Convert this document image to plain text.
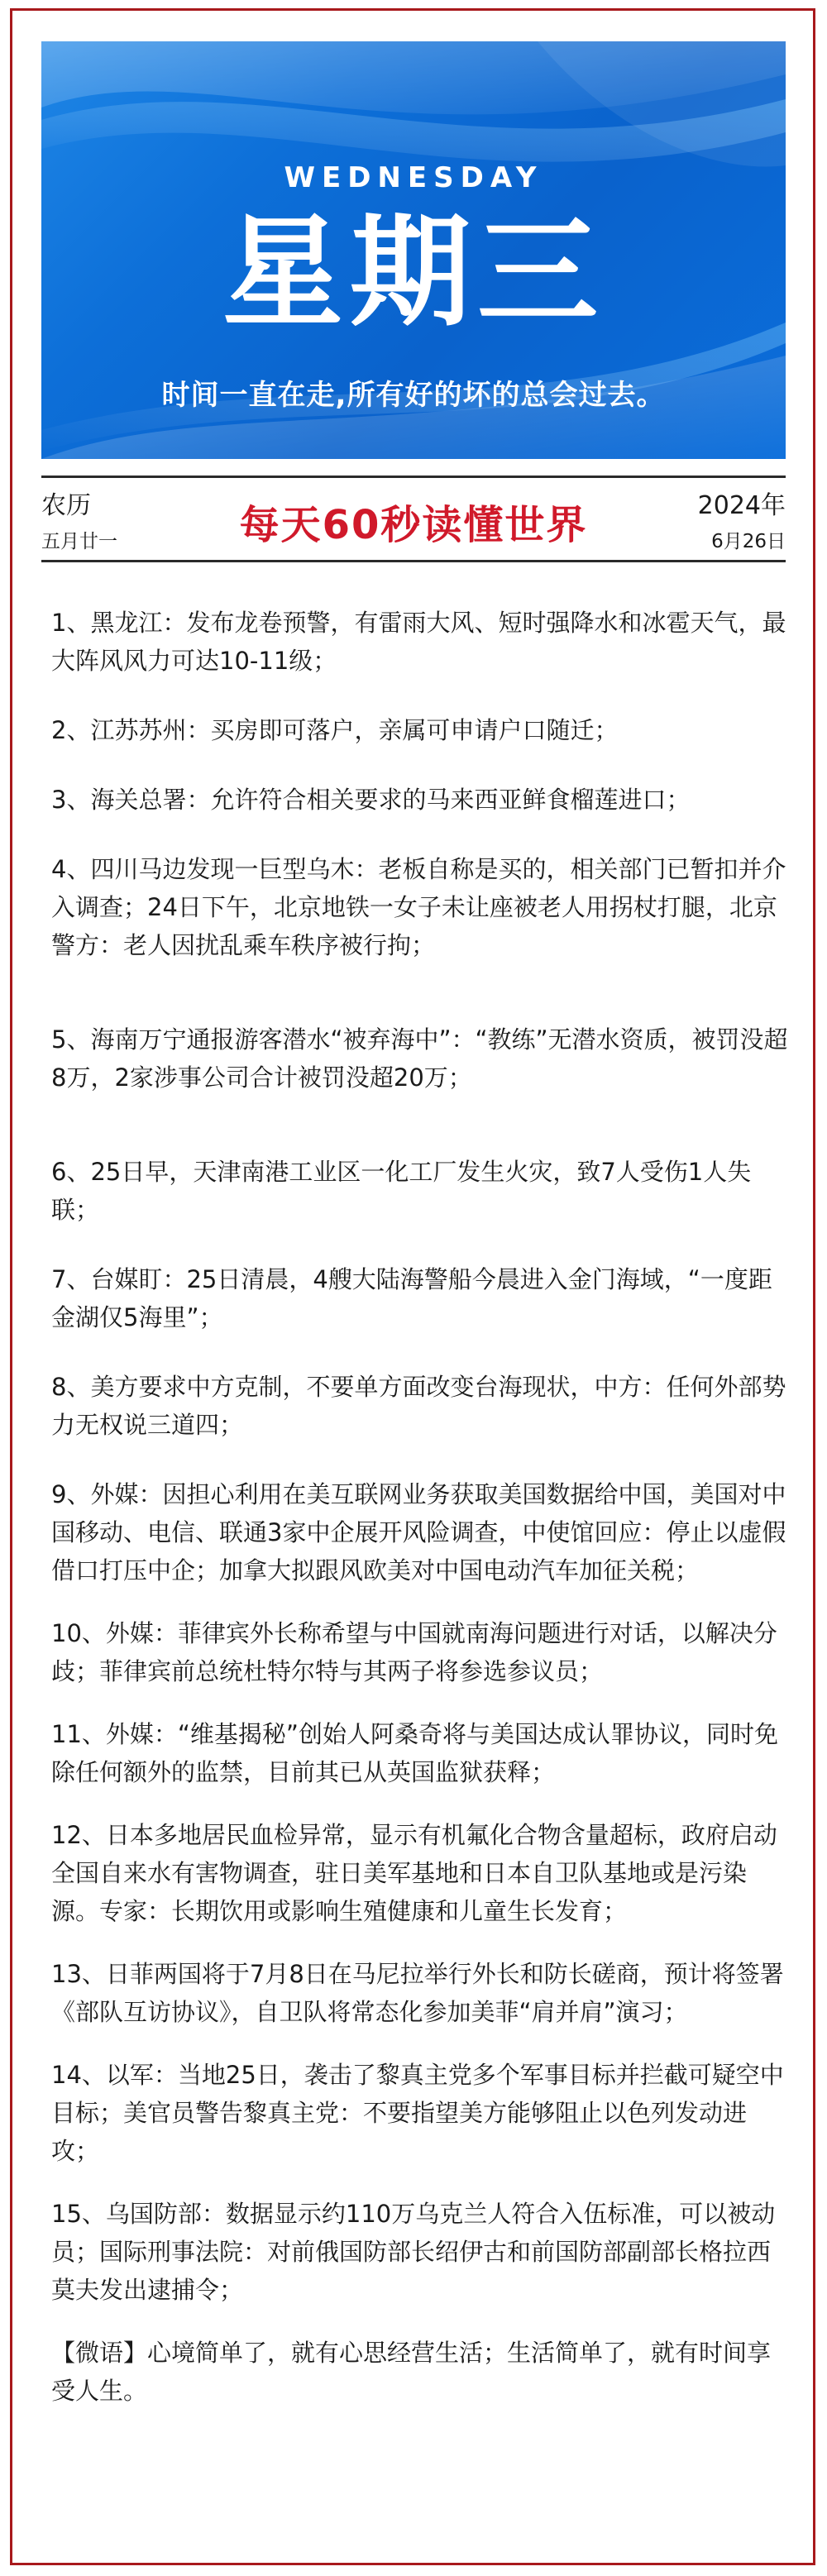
WEDNESDAY
星期三
时间一直在走,所有好的坏的总会过去。
农历
五月廿一	每天60秒读懂世界	2024年
6月26日

1、黑龙江：发布龙卷预警，有雷雨大风、短时强降水和冰雹天气，最大阵风风力可达10-11级；

2、江苏苏州：买房即可落户，亲属可申请户口随迁；

3、海关总署：允许符合相关要求的马来西亚鲜食榴莲进口；

4、四川马边发现一巨型乌木：老板自称是买的，相关部门已暂扣并介入调查；24日下午，北京地铁一女子未让座被老人用拐杖打腿，北京警方：老人因扰乱乘车秩序被行拘；

5、海南万宁通报游客潜水“被弃海中”：“教练”无潜水资质，被罚没超8万，2家涉事公司合计被罚没超20万；

6、25日早，天津南港工业区一化工厂发生火灾，致7人受伤1人失联；

7、台媒盯：25日清晨，4艘大陆海警船今晨进入金门海域，“一度距金湖仅5海里”；

8、美方要求中方克制，不要单方面改变台海现状，中方：任何外部势力无权说三道四；

9、外媒：因担心利用在美互联网业务获取美国数据给中国，美国对中国移动、电信、联通3家中企展开风险调查，中使馆回应：停止以虚假借口打压中企；加拿大拟跟风欧美对中国电动汽车加征关税；

10、外媒：菲律宾外长称希望与中国就南海问题进行对话，以解决分歧；菲律宾前总统杜特尔特与其两子将参选参议员；

11、外媒：“维基揭秘”创始人阿桑奇将与美国达成认罪协议，同时免除任何额外的监禁，目前其已从英国监狱获释；

12、日本多地居民血检异常，显示有机氟化合物含量超标，政府启动全国自来水有害物调查，驻日美军基地和日本自卫队基地或是污染源。专家：长期饮用或影响生殖健康和儿童生长发育；

13、日菲两国将于7月8日在马尼拉举行外长和防长磋商，预计将签署《部队互访协议》，自卫队将常态化参加美菲“肩并肩”演习；

14、以军：当地25日，袭击了黎真主党多个军事目标并拦截可疑空中目标；美官员警告黎真主党：不要指望美方能够阻止以色列发动进攻；

15、乌国防部：数据显示约110万乌克兰人符合入伍标准，可以被动员；国际刑事法院：对前俄国防部长绍伊古和前国防部副部长格拉西莫夫发出逮捕令；

【微语】心境简单了，就有心思经营生活；生活简单了，就有时间享受人生。
